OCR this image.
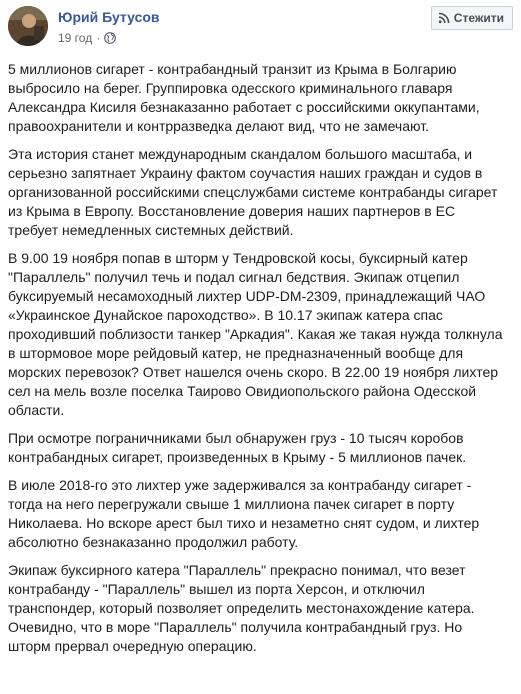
Юрий Бутусов
19 год ·
Стежити

5 миллионов сигарет - контрабандный транзит из Крыма в Болгарию выбросило на берег. Группировка одесского криминального главаря Александра Кисиля безнаказанно работает с российскими оккупантами, правоохранители и контрразведка делают вид, что не замечают.

Эта история станет международным скандалом большого масштаба, и серьезно запятнает Украину фактом соучастия наших граждан и судов в организованной российскими спецслужбами системе контрабанды сигарет из Крыма в Европу. Восстановление доверия наших партнеров в ЕС требует немедленных системных действий.

В 9.00 19 ноября попав в шторм у Тендровской косы, буксирный катер "Параллель" получил течь и подал сигнал бедствия. Экипаж отцепил буксируемый несамоходный лихтер UDP-DM-2309, принадлежащий ЧАО «Украинское Дунайское пароходство». В 10.17 экипаж катера спас проходивший поблизости танкер "Аркадия". Какая же такая нужда толкнула в штормовое море рейдовый катер, не предназначенный вообще для морских перевозок? Ответ нашелся очень скоро. В 22.00 19 ноября лихтер сел на мель возле поселка Таирово Овидиопольского района Одесской области.

При осмотре пограничниками был обнаружен груз - 10 тысяч коробов контрабандных сигарет, произведенных в Крыму - 5 миллионов пачек.

В июле 2018-го это лихтер уже задерживался за контрабанду сигарет - тогда на него перегружали свыше 1 миллиона пачек сигарет в порту Николаева. Но вскоре арест был тихо и незаметно снят судом, и лихтер абсолютно безнаказанно продолжил работу.

Экипаж буксирного катера "Параллель" прекрасно понимал, что везет контрабанду - "Параллель" вышел из порта Херсон, и отключил транспондер, который позволяет определить местонахождение катера. Очевидно, что в море "Параллель" получила контрабандный груз. Но шторм прервал очередную операцию.
